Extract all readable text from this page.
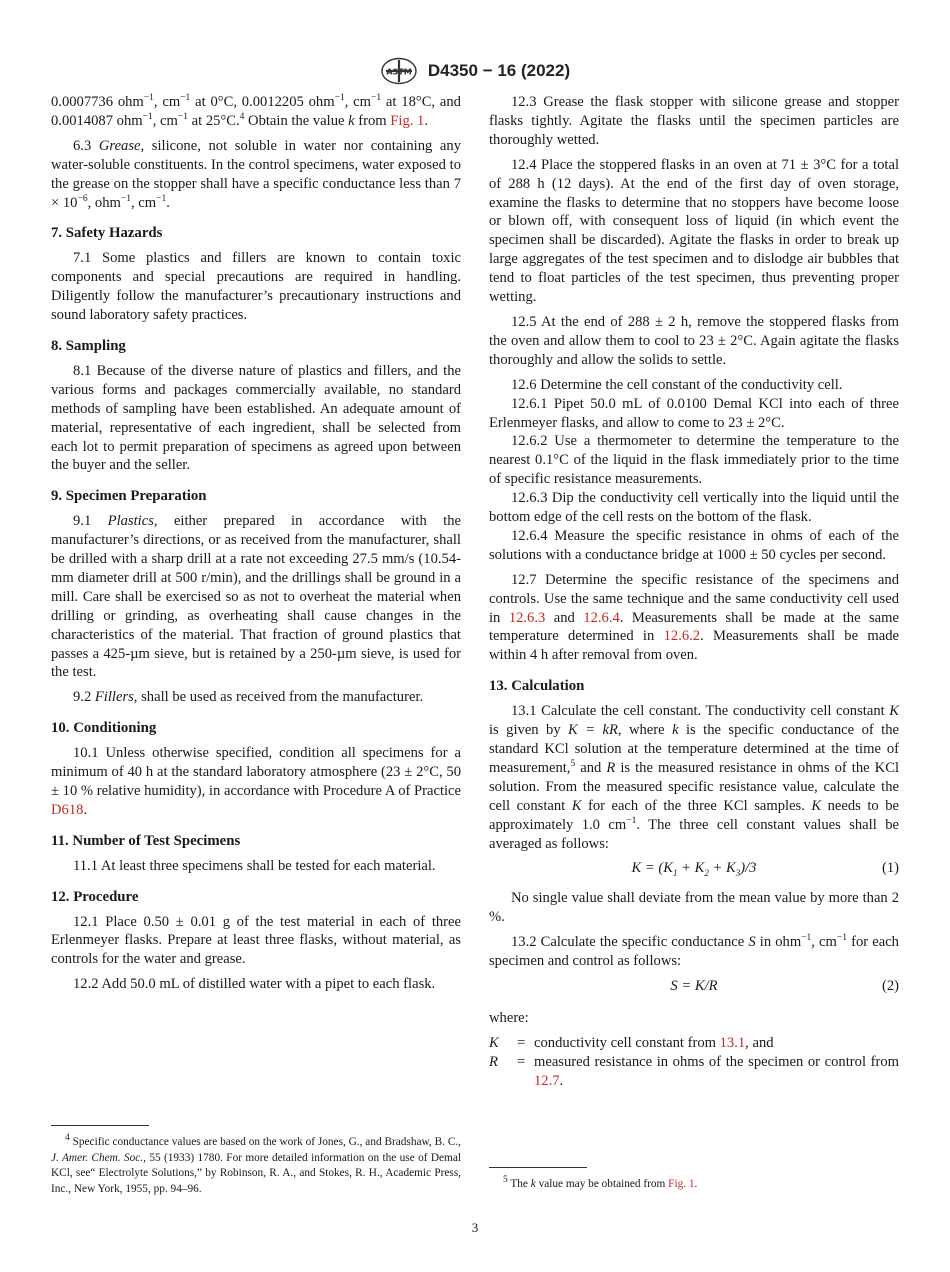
ASTM D4350 − 16 (2022)

0.0007736 ohm$^{-1}$, $cm^{-1}$ at 0°C, 0.0012205 ohm$^{-1}$, $cm^{-1}$ at 18°C, and 0.0014087 ohm$^{-1}$, $cm^{-1}$ at 25°C.$^4$ Obtain the value k from Fig. 1.

6.3 Grease, silicone, not soluble in water nor containing any water-soluble constituents. In the control specimens, water exposed to the grease on the stopper shall have a specific conductance less than $7 \times 10^{-6}$, ohm$^{-1}$, $cm^{-1}$.

7. Safety Hazards

7.1 Some plastics and fillers are known to contain toxic components and special precautions are required in handling. Diligently follow the manufacturer’s precautionary instructions and sound laboratory safety practices.

8. Sampling

8.1 Because of the diverse nature of plastics and fillers, and the various forms and packages commercially available, no standard methods of sampling have been established. An adequate amount of material, representative of each ingredient, shall be selected from each lot to permit preparation of specimens as agreed upon between the buyer and the seller.

9. Specimen Preparation

9.1 Plastics, either prepared in accordance with the manufacturer’s directions, or as received from the manufacturer, shall be drilled with a sharp drill at a rate not exceeding 27.5 mm/s (10.54-mm diameter drill at 500 r/min), and the drillings shall be ground in a mill. Care shall be exercised so as not to overheat the material when drilling or grinding, as overheating shall cause changes in the characteristics of the material. That fraction of ground plastics that passes a 425-µm sieve, but is retained by a 250-µm sieve, is used for the test.

9.2 Fillers, shall be used as received from the manufacturer.

10. Conditioning

10.1 Unless otherwise specified, condition all specimens for a minimum of 40 h at the standard laboratory atmosphere (23 ± 2°C, 50 ± 10 % relative humidity), in accordance with Procedure A of Practice D618.

11. Number of Test Specimens

11.1 At least three specimens shall be tested for each material.

12. Procedure

12.1 Place 0.50 ± 0.01 g of the test material in each of three Erlenmeyer flasks. Prepare at least three flasks, without material, as controls for the water and grease.

12.2 Add 50.0 mL of distilled water with a pipet to each flask.

$^4$ Specific conductance values are based on the work of Jones, G., and Bradshaw, B. C., J. Amer. Chem. Soc., 55 (1933) 1780. For more detailed information on the use of Demal KCl, see“ Electrolyte Solutions,” by Robinson, R. A., and Stokes, R. H., Academic Press, Inc., New York, 1955, pp. 94–96.

12.3 Grease the flask stopper with silicone grease and stopper flasks tightly. Agitate the flasks until the specimen particles are thoroughly wetted.

12.4 Place the stoppered flasks in an oven at 71 ± 3°C for a total of 288 h (12 days). At the end of the first day of oven storage, examine the flasks to determine that no stoppers have become loose or blown off, with consequent loss of liquid (in which event the specimen shall be discarded). Agitate the flasks in order to break up large aggregates of the test specimen and to dislodge air bubbles that tend to float particles of the test specimen, thus preventing proper wetting.

12.5 At the end of 288 ± 2 h, remove the stoppered flasks from the oven and allow them to cool to 23 ± 2°C. Again agitate the flasks thoroughly and allow the solids to settle.

12.6 Determine the cell constant of the conductivity cell.

12.6.1 Pipet 50.0 mL of 0.0100 Demal KCl into each of three Erlenmeyer flasks, and allow to come to 23 ± 2°C.

12.6.2 Use a thermometer to determine the temperature to the nearest 0.1°C of the liquid in the flask immediately prior to the time of specific resistance measurements.

12.6.3 Dip the conductivity cell vertically into the liquid until the bottom edge of the cell rests on the bottom of the flask.

12.6.4 Measure the specific resistance in ohms of each of the solutions with a conductance bridge at 1000 ± 50 cycles per second.

12.7 Determine the specific resistance of the specimens and controls. Use the same technique and the same conductivity cell used in 12.6.3 and 12.6.4. Measurements shall be made at the same temperature determined in 12.6.2. Measurements shall be made within 4 h after removal from oven.

13. Calculation

13.1 Calculate the cell constant. The conductivity cell constant K is given by K = kR, where k is the specific conductance of the standard KCl solution at the temperature determined at the time of measurement,$^5$ and R is the measured resistance in ohms of the KCl solution. From the measured specific resistance value, calculate the cell constant K for each of the three KCl samples. K needs to be approximately 1.0 $cm^{-1}$. The three cell constant values shall be averaged as follows:

$K = (K_1 + K_2 + K_3)/3$	(1)

No single value shall deviate from the mean value by more than 2 %.

13.2 Calculate the specific conductance S in ohm$^{-1}$, $cm^{-1}$ for each specimen and control as follows:

S = K/R	(2)

where:

K	= conductivity cell constant from 13.1, and
R	= measured resistance in ohms of the specimen or control from 12.7.
$^5$ The k value may be obtained from Fig. 1.
3
